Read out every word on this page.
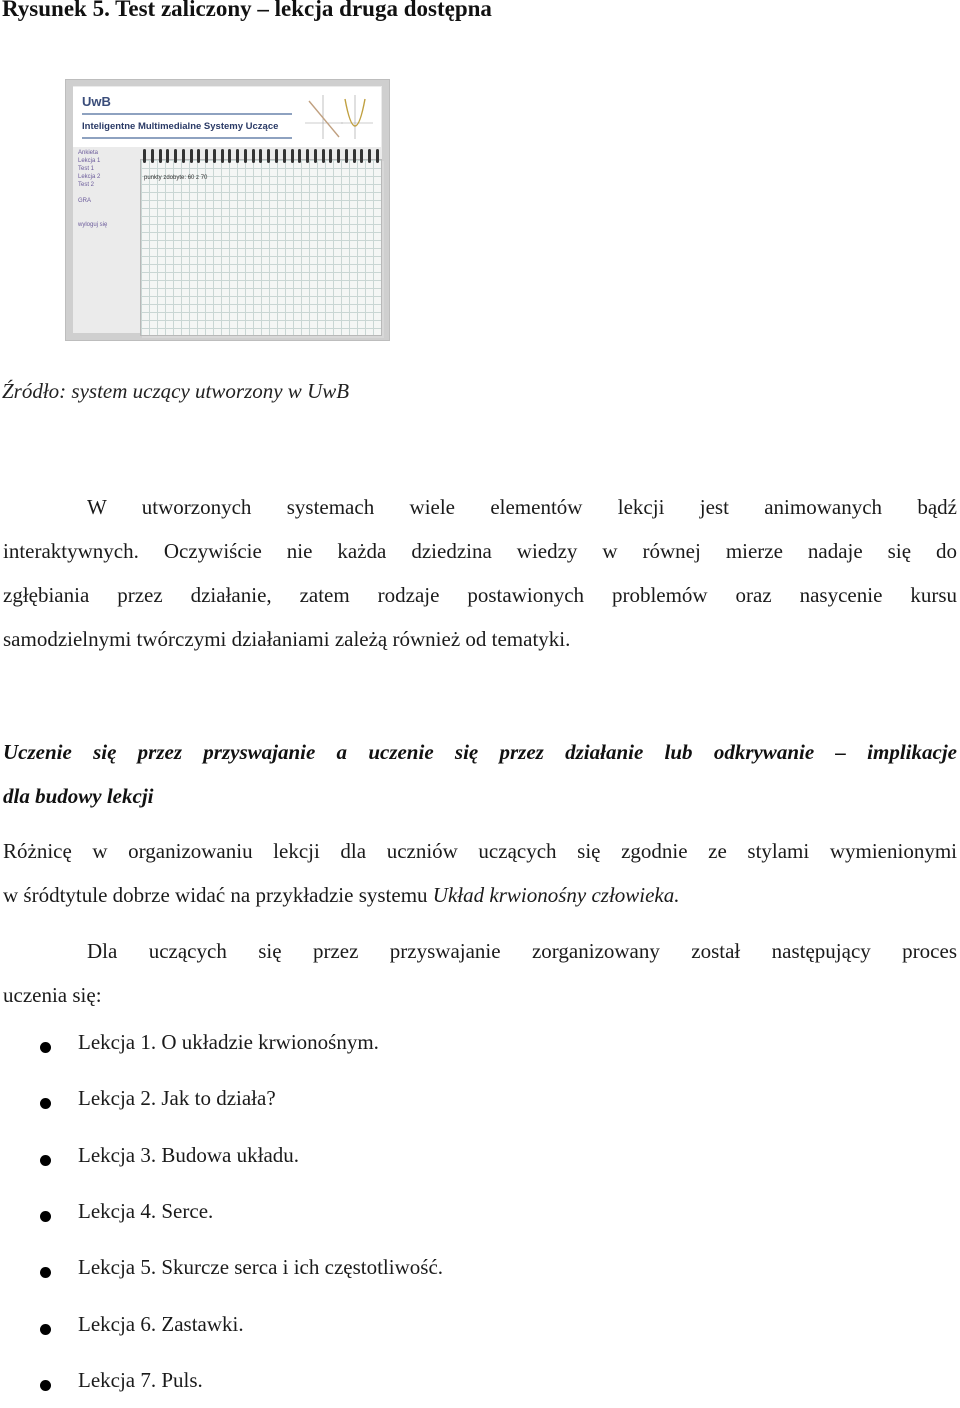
Rysunek 5. Test zaliczony – lekcja druga dostępna
UwB
Inteligentne Multimedialne Systemy Uczące
Ankieta
Lekcja 1
Test 1
Lekcja 2
Test 2
GRA
wyloguj się
punkty zdobyte: 60 z 70
Źródło: system uczący utworzony w UwB
W utworzonych systemach wiele elementów lekcji jest animowanych bądź
interaktywnych. Oczywiście nie każda dziedzina wiedzy w równej mierze nadaje się do
zgłębiania przez działanie, zatem rodzaje postawionych problemów oraz nasycenie kursu
samodzielnymi twórczymi działaniami zależą również od tematyki.
Uczenie się przez przyswajanie a uczenie się przez działanie lub odkrywanie – implikacje
dla budowy lekcji
Różnicę w organizowaniu lekcji dla uczniów uczących się zgodnie ze stylami wymienionymi
w śródtytule dobrze widać na przykładzie systemu Układ krwionośny człowieka.
Dla uczących się przez przyswajanie zorganizowany został następujący proces
uczenia się:
Lekcja 1. O układzie krwionośnym.
Lekcja 2. Jak to działa?
Lekcja 3. Budowa układu.
Lekcja 4. Serce.
Lekcja 5. Skurcze serca i ich częstotliwość.
Lekcja 6. Zastawki.
Lekcja 7. Puls.
